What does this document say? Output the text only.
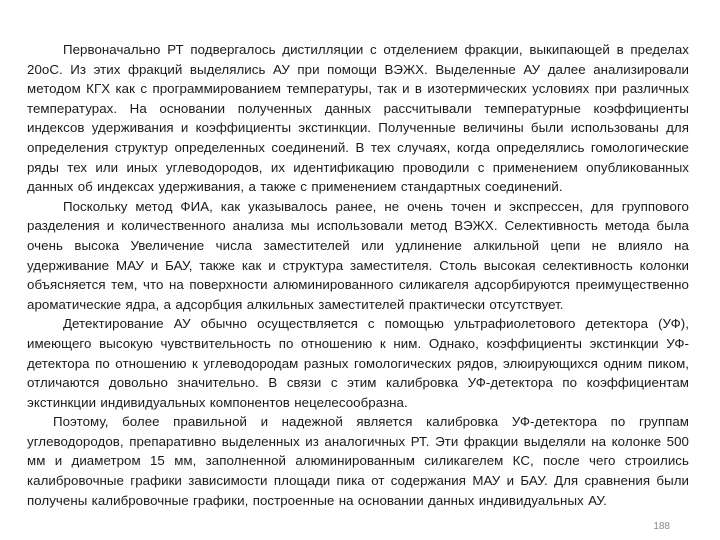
Первоначально РТ подвергалось дистилляции с отделением фракции, выкипающей в пределах 20оС. Из этих фракций выделялись АУ при помощи ВЭЖХ. Выделенные АУ далее анализировали методом КГХ как с программированием температуры, так и в изотермических условиях при различных температурах. На основании полученных данных рассчитывали температурные коэффициенты индексов удерживания и коэффициенты экстинкции. Полученные величины были использованы для определения структур определенных соединений. В тех случаях, когда определялись гомологические ряды тех или иных углеводородов, их идентификацию проводили с применением опубликованных данных об индексах удерживания, а также с применением стандартных соединений.

Поскольку метод ФИА, как указывалось ранее, не очень точен и экспрессен, для группового разделения и количественного анализа мы использовали метод ВЭЖХ. Селективность метода была очень высока Увеличение числа заместителей или удлинение алкильной цепи не влияло на удерживание МАУ и БАУ, также как и структура заместителя. Столь высокая селективность колонки объясняется тем, что на поверхности алюминированного силикагеля адсорбируются преимущественно ароматические ядра, а адсорбция алкильных заместителей практически отсутствует.

Детектирование АУ обычно осуществляется с помощью ультрафиолетового детектора (УФ), имеющего высокую чувствительность по отношению к ним. Однако, коэффициенты экстинкции УФ-детектора по отношению к углеводородам разных гомологических рядов, элюирующихся одним пиком, отличаются довольно значительно. В связи с этим калибровка УФ-детектора по коэффициентам экстинкции индивидуальных компонентов нецелесообразна.

Поэтому, более правильной и надежной является калибровка УФ-детектора по группам углеводородов, препаративно выделенных из аналогичных РТ. Эти фракции выделяли на колонке 500 мм и диаметром 15 мм, заполненной алюминированным силикагелем КС, после чего строились калибровочные графики зависимости площади пика от содержания МАУ и БАУ. Для сравнения были получены калибровочные графики, построенные на основании данных индивидуальных АУ.

188
